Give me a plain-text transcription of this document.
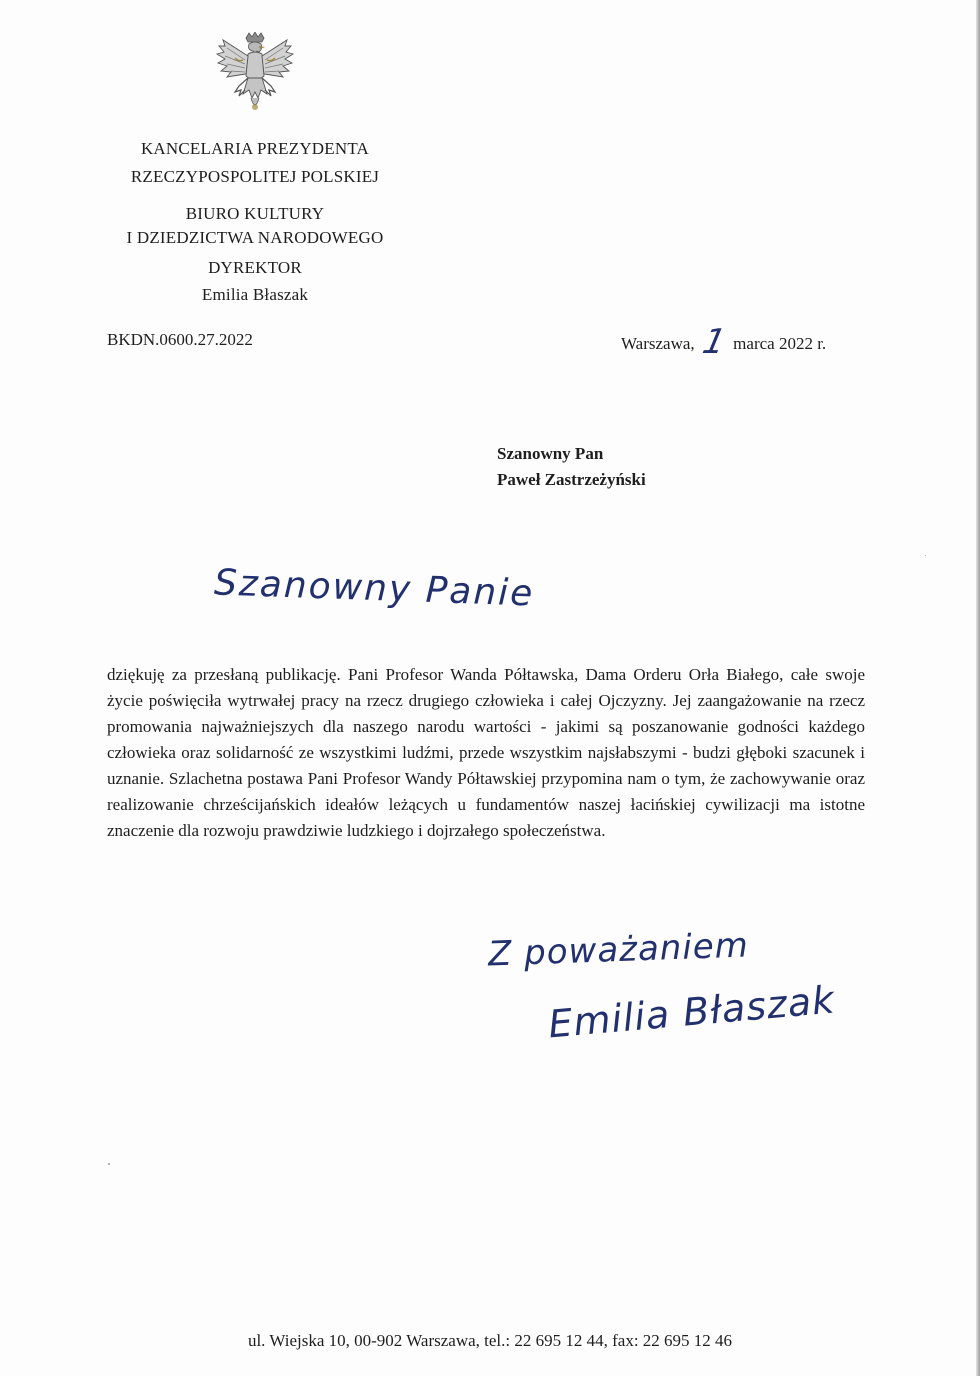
KANCELARIA PREZYDENTA
RZECZYPOSPOLITEJ POLSKIEJ
BIURO KULTURY
I DZIEDZICTWA NARODOWEGO
DYREKTOR
Emilia Błaszak
BKDN.0600.27.2022	Warszawa, 1 marca 2022 r.
Szanowny Pan
Paweł Zastrzeżyński
Szanowny Panie
dziękuję za przesłaną publikację. Pani Profesor Wanda Półtawska, Dama Orderu Orła Białego, całe swoje życie poświęciła wytrwałej pracy na rzecz drugiego człowieka i całej Ojczyzny. Jej zaangażowanie na rzecz promowania najważniejszych dla naszego narodu wartości - jakimi są poszanowanie godności każdego człowieka oraz solidarność ze wszystkimi ludźmi, przede wszystkim najsłabszymi - budzi głęboki szacunek i uznanie. Szlachetna postawa Pani Profesor Wandy Półtawskiej przypomina nam o tym, że zachowywanie oraz realizowanie chrześcijańskich ideałów leżących u fundamentów naszej łacińskiej cywilizacji ma istotne znaczenie dla rozwoju prawdziwie ludzkiego i dojrzałego społeczeństwa.
Z poważaniem
Emilia Błaszak
ul. Wiejska 10, 00-902 Warszawa, tel.: 22 695 12 44, fax: 22 695 12 46
